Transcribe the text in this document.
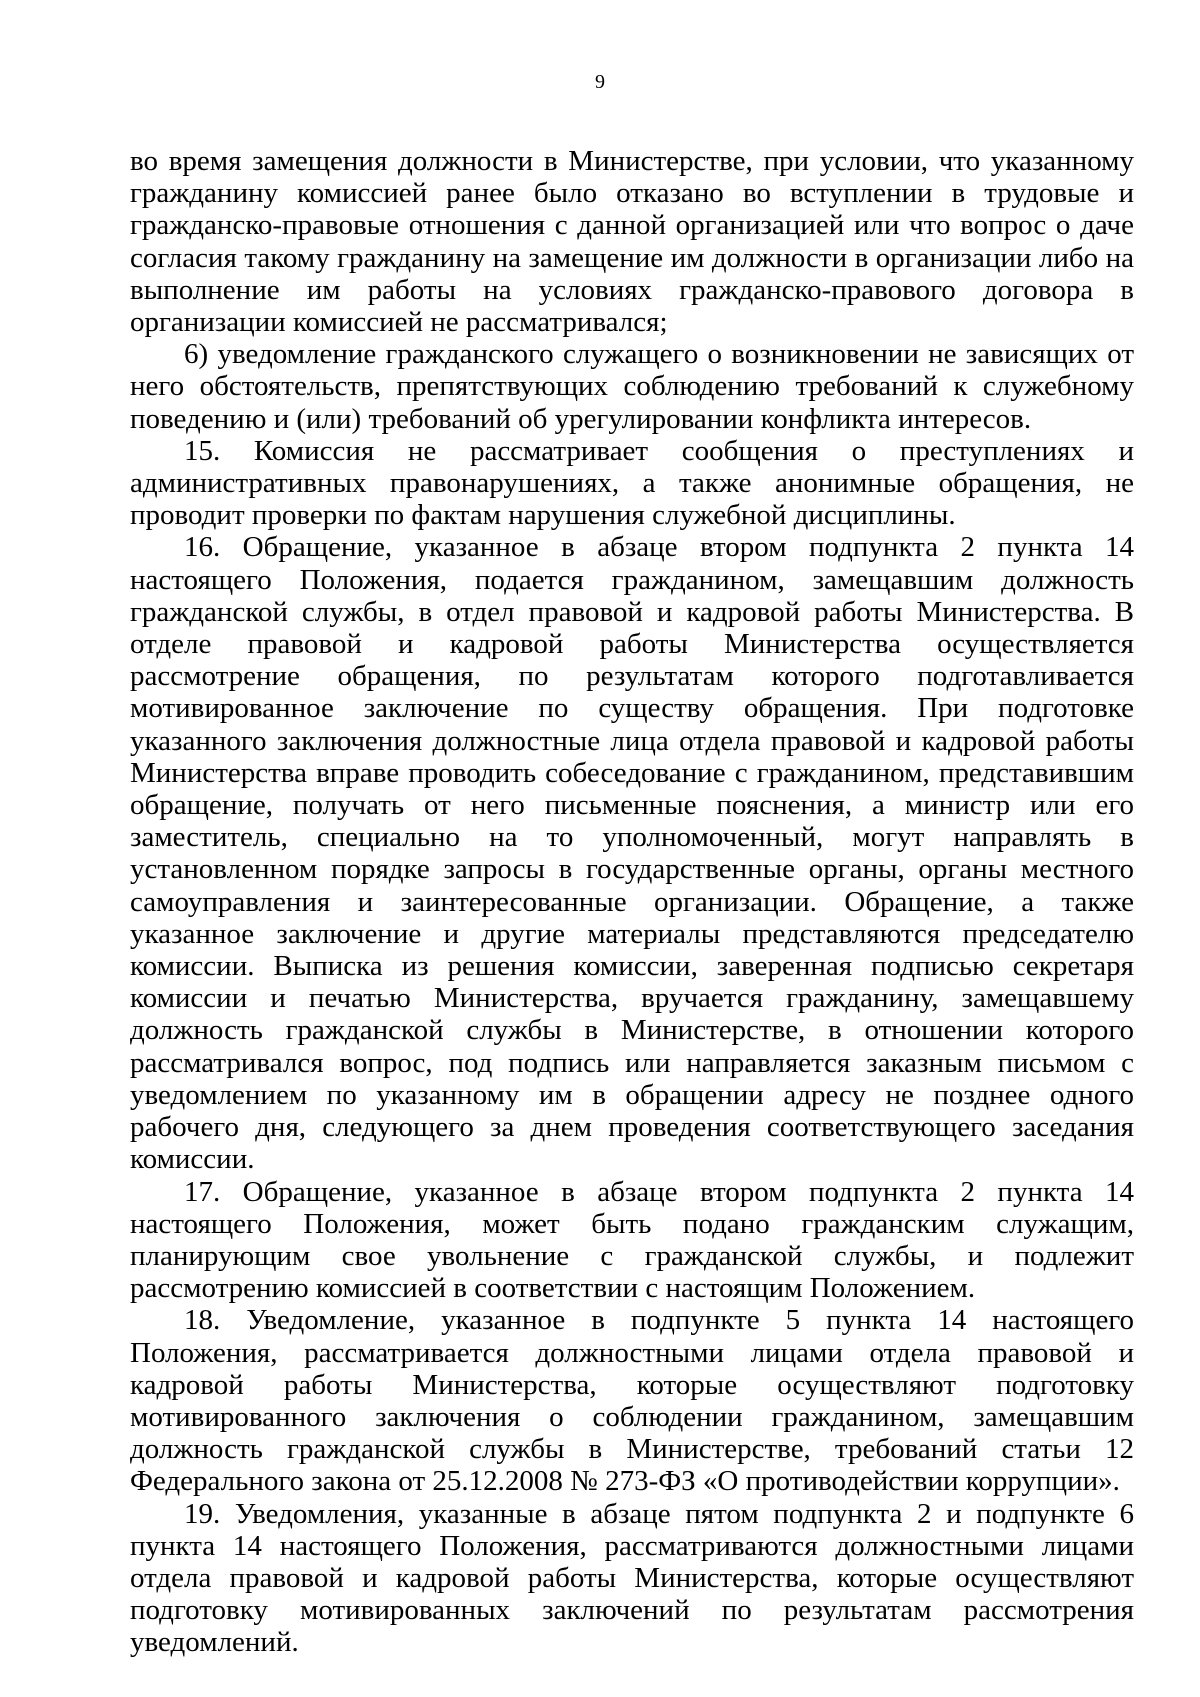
9

во время замещения должности в Министерстве, при условии, что указанному гражданину комиссией ранее было отказано во вступлении в трудовые и гражданско-правовые отношения с данной организацией или что вопрос о даче согласия такому гражданину на замещение им должности в организации либо на выполнение им работы на условиях гражданско-правового договора в организации комиссией не рассматривался;

6) уведомление гражданского служащего о возникновении не зависящих от него обстоятельств, препятствующих соблюдению требований к служебному поведению и (или) требований об урегулировании конфликта интересов.

15. Комиссия не рассматривает сообщения о преступлениях и административных правонарушениях, а также анонимные обращения, не проводит проверки по фактам нарушения служебной дисциплины.

16. Обращение, указанное в абзаце втором подпункта 2 пункта 14 настоящего Положения, подается гражданином, замещавшим должность гражданской службы, в отдел правовой и кадровой работы Министерства. В отделе правовой и кадровой работы Министерства осуществляется рассмотрение обращения, по результатам которого подготавливается мотивированное заключение по существу обращения. При подготовке указанного заключения должностные лица отдела правовой и кадровой работы Министерства вправе проводить собеседование с гражданином, представившим обращение, получать от него письменные пояснения, а министр или его заместитель, специально на то уполномоченный, могут направлять в установленном порядке запросы в государственные органы, органы местного самоуправления и заинтересованные организации. Обращение, а также указанное заключение и другие материалы представляются председателю комиссии. Выписка из решения комиссии, заверенная подписью секретаря комиссии и печатью Министерства, вручается гражданину, замещавшему должность гражданской службы в Министерстве, в отношении которого рассматривался вопрос, под подпись или направляется заказным письмом с уведомлением по указанному им в обращении адресу не позднее одного рабочего дня, следующего за днем проведения соответствующего заседания комиссии.

17. Обращение, указанное в абзаце втором подпункта 2 пункта 14 настоящего Положения, может быть подано гражданским служащим, планирующим свое увольнение с гражданской службы, и подлежит рассмотрению комиссией в соответствии с настоящим Положением.

18. Уведомление, указанное в подпункте 5 пункта 14 настоящего Положения, рассматривается должностными лицами отдела правовой и кадровой работы Министерства, которые осуществляют подготовку мотивированного заключения о соблюдении гражданином, замещавшим должность гражданской службы в Министерстве, требований статьи 12 Федерального закона от 25.12.2008 № 273-ФЗ «О противодействии коррупции».

19. Уведомления, указанные в абзаце пятом подпункта 2 и подпункте 6 пункта 14 настоящего Положения, рассматриваются должностными лицами отдела правовой и кадровой работы Министерства, которые осуществляют подготовку мотивированных заключений по результатам рассмотрения уведомлений.
